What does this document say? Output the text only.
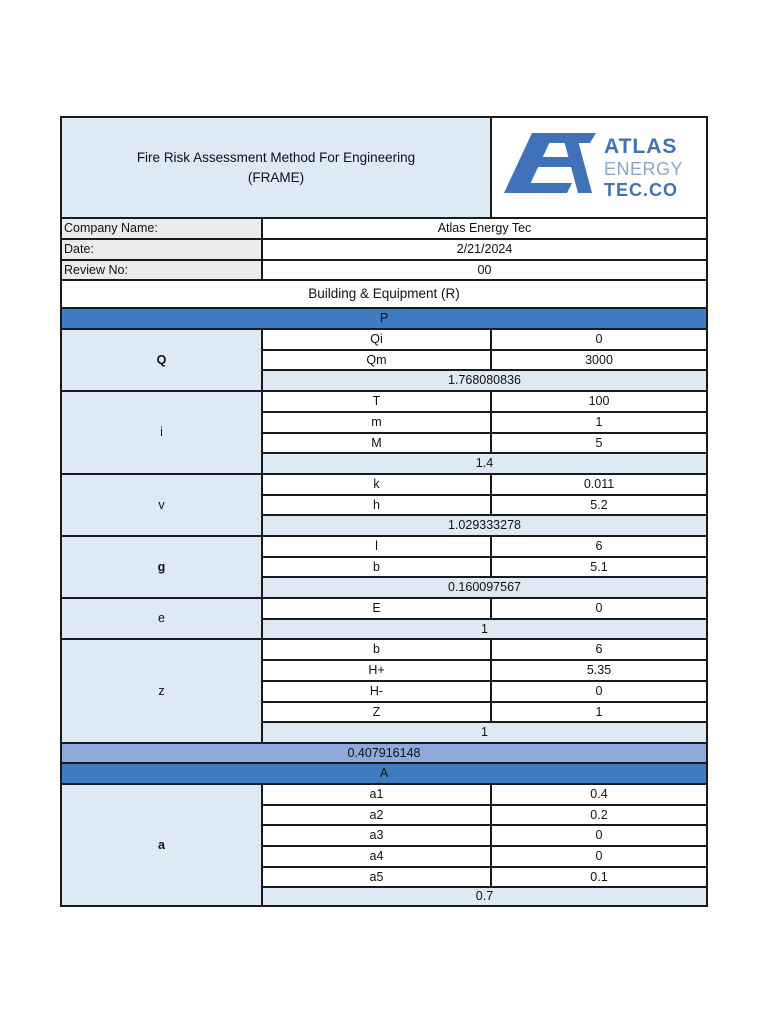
Fire Risk Assessment Method For Engineering
(FRAME)
ATLAS
ENERGY
TEC.CO
Company Name:	Atlas Energy Tec
Date:	2/21/2024
Review No:	00
Building & Equipment (R)
P
Q
Qi	0
Qm	3000
1.768080836
i
T	100
m	1
M	5
1.4
v
k	0.011
h	5.2
1.029333278
g
l	6
b	5.1
0.160097567
e
E	0
1
z
b	6
H+	5.35
H-	0
Z	1
1
0.407916148
A
a
a1	0.4
a2	0.2
a3	0
a4	0
a5	0.1
0.7
